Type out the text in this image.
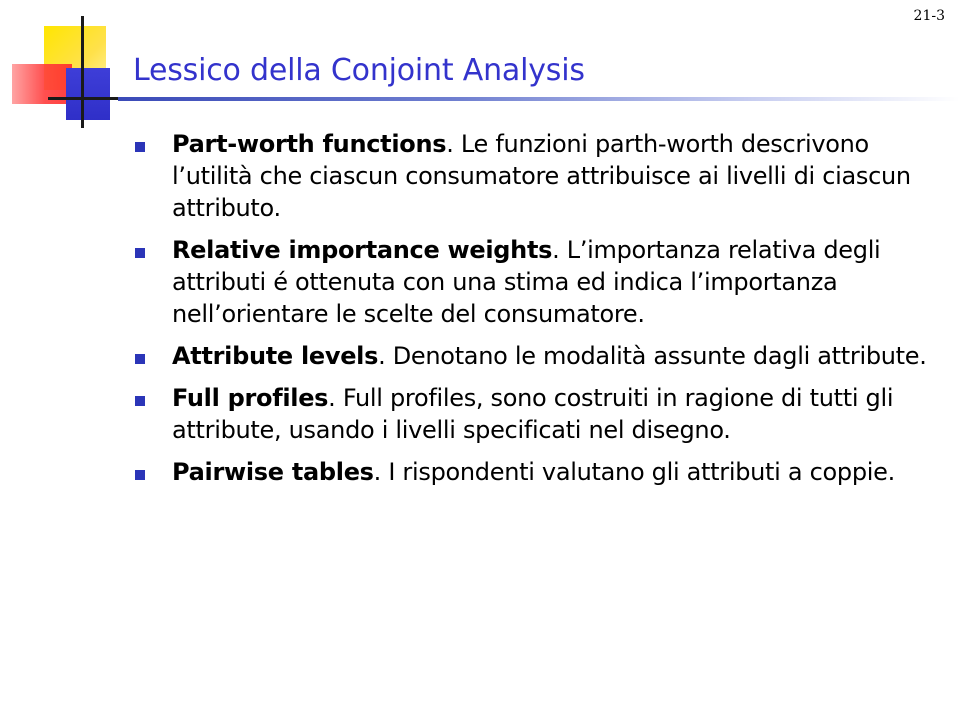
21-3
Lessico della Conjoint Analysis
Part-worth functions. Le funzioni parth-worth descrivono l’utilità che ciascun consumatore attribuisce ai livelli di ciascun attributo.
Relative importance weights. L’importanza relativa degli attributi é ottenuta con una stima ed indica l’importanza nell’orientare le scelte del consumatore.
Attribute levels. Denotano le modalità assunte dagli attribute.
Full profiles. Full profiles, sono costruiti in ragione di tutti gli attribute, usando i livelli specificati nel disegno.
Pairwise tables. I rispondenti valutano gli attributi a coppie.
